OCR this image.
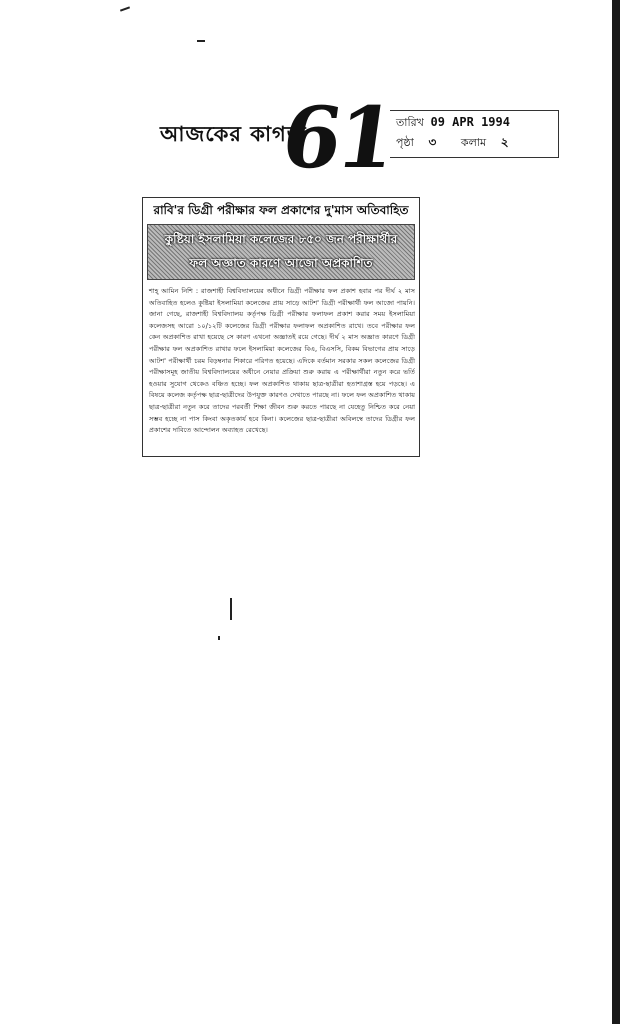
আজকের কাগজ
61
তারিখ 09 APR 1994
পৃষ্ঠা ৩ কলাম ২
রাবি'র ডিগ্রী পরীক্ষার ফল প্রকাশের দু'মাস অতিবাহিত
কুষ্টিয়া ইসলামিয়া কলেজের ৮৫০ জন পরীক্ষার্থীর
ফল অজ্ঞাত কারণে আজো অপ্রকাশিত
শাহ্ আমিন নিশি : রাজশাহী বিশ্ববিদ্যালয়ের অধীনে ডিগ্রী পরীক্ষার ফল প্রকাশ হবার পর দীর্ঘ ২ মাস অতিবাহিত হলেও কুষ্টিয়া ইসলামিয়া কলেজের প্রায় সাড়ে আটশ' ডিগ্রী পরীক্ষার্থী ফল আজো পায়নি। জানা গেছে, রাজশাহী বিশ্ববিদ্যালয় কর্তৃপক্ষ ডিগ্রী পরীক্ষার ফলাফল প্রকাশ করার সময় ইসলামিয়া কলেজসহ আরো ১০/১২টি কলেজের ডিগ্রী পরীক্ষার ফলাফল অপ্রকাশিত রাখে। তবে পরীক্ষার ফল কেন অপ্রকাশিত রাখা হয়েছে সে কারণ এখনো অজ্ঞাতই রয়ে গেছে। দীর্ঘ ২ মাস অজ্ঞাত কারণে ডিগ্রী পরীক্ষার ফল অপ্রকাশিত রাখার ফলে ইসলামিয়া কলেজের বিএ, বিএসসি, বিকম বিভাগের প্রায় সাড়ে আটশ' পরীক্ষার্থী চরম বিড়ম্বনার শিকারে পরিণত হয়েছে। এদিকে বর্তমান সরকার সকল কলেজের ডিগ্রী পরীক্ষাসমূহ জাতীয় বিশ্ববিদ্যালয়ের অধীনে নেয়ার প্রক্রিয়া শুরু করায় এ পরীক্ষার্থীরা নতুন করে ভর্তি হওয়ার সুযোগ থেকেও বঞ্চিত হচ্ছে। ফল অপ্রকাশিত থাকায় ছাত্র-ছাত্রীরা হতাশাগ্রস্ত হয়ে পড়ছে। এ বিষয়ে কলেজ কর্তৃপক্ষ ছাত্র-ছাত্রীদের উপযুক্ত কারণও দেখাতে পারছে না। ফলে ফল অপ্রকাশিত থাকায় ছাত্র-ছাত্রীরা নতুন করে তাদের পরবর্তী শিক্ষা জীবন শুরু করতে পারছে না যেহেতু নিশ্চিত করে নেয়া সম্ভব হচ্ছে না পাস কিংবা অকৃতকার্য হবে কিনা। কলেজের ছাত্র-ছাত্রীরা অবিলম্বে তাদের ডিগ্রীর ফল প্রকাশের দাবিতে আন্দোলন অব্যাহত রেখেছে।
